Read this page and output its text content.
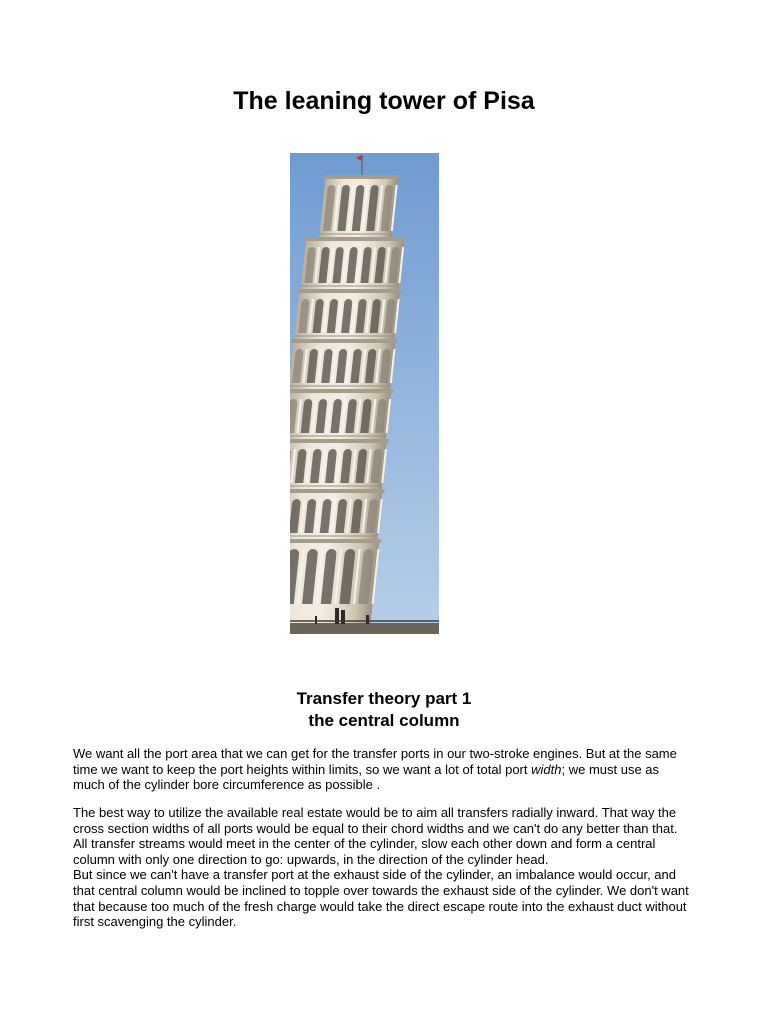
The leaning tower of Pisa
Transfer theory part 1
the central column

We want all the port area that we can get for the transfer ports in our two-stroke engines. But at the same time we want to keep the port heights within limits, so we want a lot of total port width; we must use as much of the cylinder bore circumference as possible .

The best way to utilize the available real estate would be to aim all transfers radially inward. That way the cross section widths of all ports would be equal to their chord widths and we can't do any better than that. All transfer streams would meet in the center of the cylinder, slow each other down and form a central column with only one direction to go: upwards, in the direction of the cylinder head.
But since we can't have a transfer port at the exhaust side of the cylinder, an imbalance would occur, and that central column would be inclined to topple over towards the exhaust side of the cylinder. We don't want that because too much of the fresh charge would take the direct escape route into the exhaust duct without first scavenging the cylinder.
